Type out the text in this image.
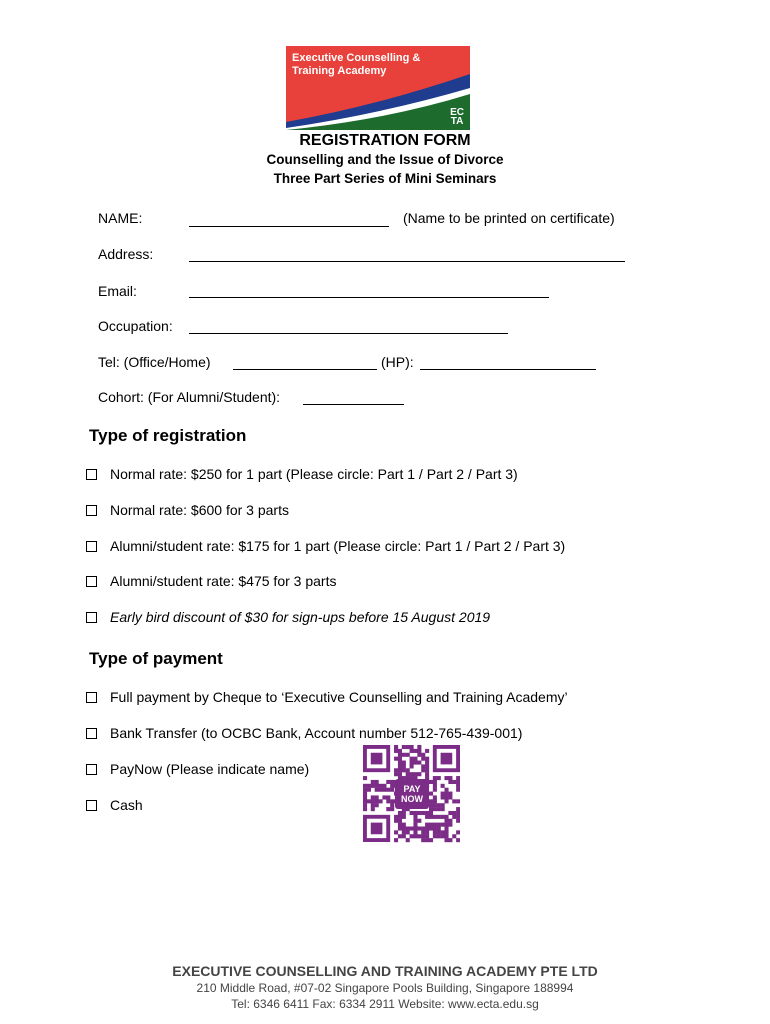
Executive Counselling &
Training Academy
EC
TA
REGISTRATION FORM
Counselling and the Issue of Divorce
Three Part Series of Mini Seminars
NAME:	(Name to be printed on certificate)
Address:
Email:
Occupation:
Tel: (Office/Home)	(HP):
Cohort: (For Alumni/Student):
Type of registration
Normal rate: $250 for 1 part (Please circle: Part 1 / Part 2 / Part 3)
Normal rate: $600 for 3 parts
Alumni/student rate: $175 for 1 part (Please circle: Part 1 / Part 2 / Part 3)
Alumni/student rate: $475 for 3 parts
Early bird discount of $30 for sign-ups before 15 August 2019
Type of payment
Full payment by Cheque to ‘Executive Counselling and Training Academy’
Bank Transfer (to OCBC Bank, Account number 512-765-439-001)
PayNow (Please indicate name)
Cash
PAY
NOW
EXECUTIVE COUNSELLING AND TRAINING ACADEMY PTE LTD
210 Middle Road, #07-02 Singapore Pools Building, Singapore 188994
Tel: 6346 6411 Fax: 6334 2911 Website: www.ecta.edu.sg
